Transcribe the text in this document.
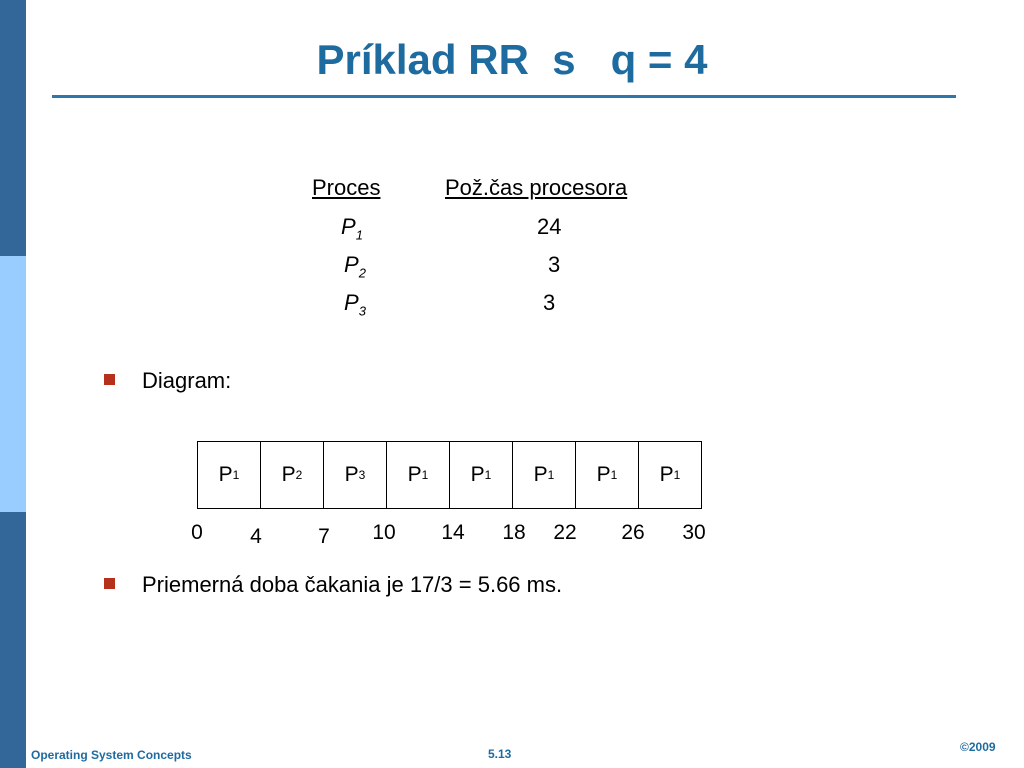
Príklad RR  s   q = 4
Proces	Pož.čas procesora
$P_1$	24
$P_2$	3
$P_3$	3
Diagram:
P 1 P 2 P 3 P 1 P 1 P 1 P 1 P 1
0	4	7	10	14	18	22	26	30
Priemerná doba čakania je 17/3 = 5.66 ms.
Operating System Concepts	5.13	©2009
